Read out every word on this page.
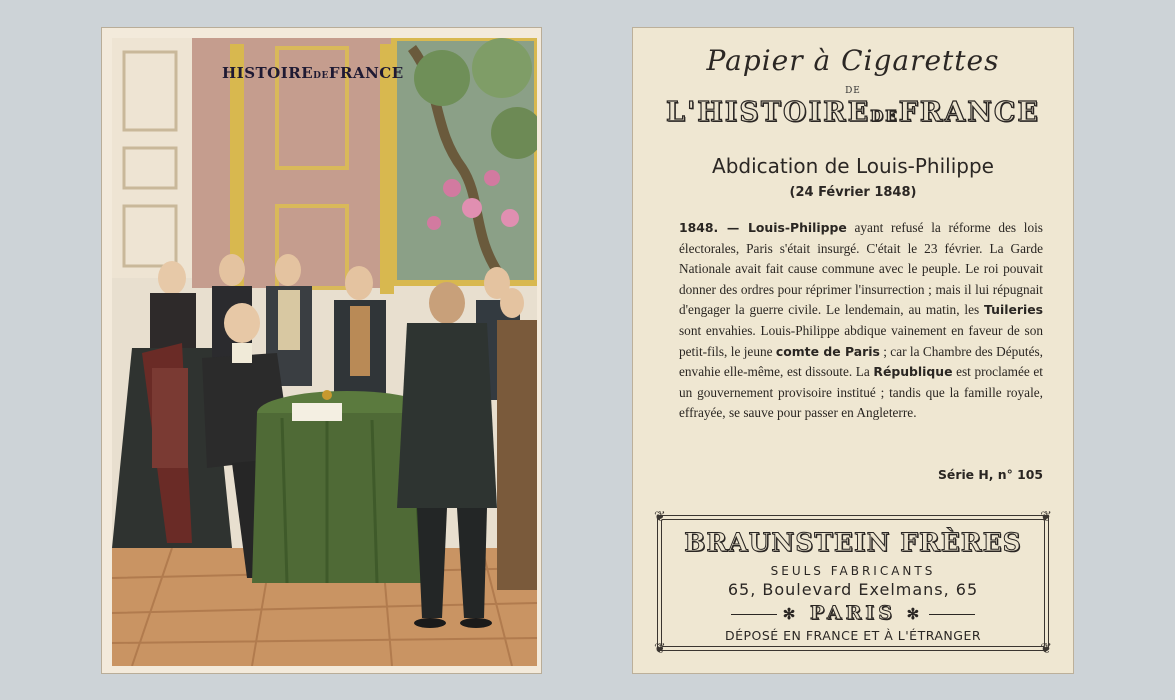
HISTOIREDEFRANCE	Papier à Cigarettes
DE
L'HISTOIREDEFRANCE
Abdication de Louis-Philippe
(24 Février 1848)

1848. — Louis-Philippe ayant refusé la réforme des lois électorales, Paris s'était insurgé. C'était le 23 février. La Garde Nationale avait fait cause commune avec le peuple. Le roi pouvait donner des ordres pour réprimer l'insurrection ; mais il lui répugnait d'engager la guerre civile. Le lendemain, au matin, les Tuileries sont envahies. Louis-Philippe abdique vainement en faveur de son petit-fils, le jeune comte de Paris ; car la Chambre des Députés, envahie elle-même, est dissoute. La République est proclamée et un gouvernement provisoire institué ; tandis que la famille royale, effrayée, se sauve pour passer en Angleterre.

Série H, n° 105
❦	❦
❦	❦
BRAUNSTEIN FRÈRES
SEULS FABRICANTS
65, Boulevard Exelmans, 65
✻ PARIS ✻
DÉPOSÉ EN FRANCE ET À L'ÉTRANGER
